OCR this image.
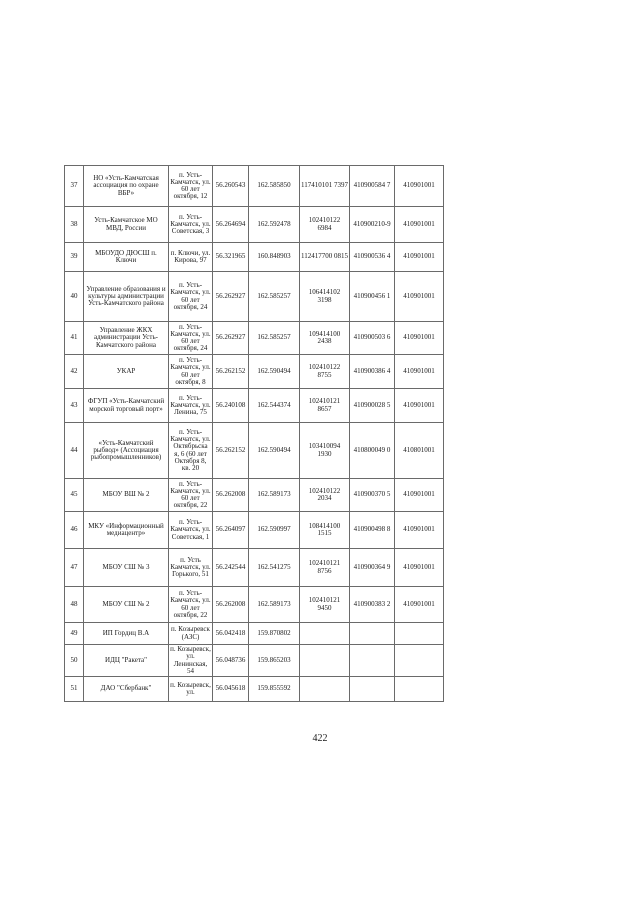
37	НО «Усть-Камчатская ассоциация по охране ВБР»	п. Усть-Камчатск, ул. 60 лет октября, 12	56.260543	162.585850	117410101 7397	410900584 7	410901001
38	Усть-Камчатское МО МВД, России	п. Усть-Камчатск, ул. Советская, 3	56.264694	162.592478	102410122 6984	410900210-9	410901001
39	МБОУДО ДЮСШ п. Ключи	п. Ключи, ул. Кирова, 97	56.321965	160.848903	112417700 0815	410900536 4	410901001
40	Управление образования и культуры администрации Усть-Камчатского района	п. Усть-Камчатск, ул. 60 лет октября, 24	56.262927	162.585257	106414102 3198	410900456 1	410901001
41	Управление ЖКХ администрации Усть-Камчатского района	п. Усть-Камчатск, ул. 60 лет октября, 24	56.262927	162.585257	109414100 2438	410900503 6	410901001
42	УКАР	п. Усть-Камчатск, ул. 60 лет октября, 8	56.262152	162.590494	102410122 8755	410900386 4	410901001
43	ФГУП «Усть-Камчатский морской торговый порт»	п. Усть-Камчатск, ул. Ленина, 75	56.240108	162.544374	102410121 8657	410900028 5	410901001
44	«Усть-Камчатский рыбвод» (Ассоциация рыбопромышленников)	п. Усть-Камчатск, ул. Октябрьска я, 6 (60 лет Октября 8, кв. 20	56.262152	162.590494	103410094 1930	410800049 0	410801001
45	МБОУ ВШ № 2	п. Усть-Камчатск, ул. 60 лет октября, 22	56.262008	162.589173	102410122 2034	410900370 5	410901001
46	МКУ «Информационный медиацентр»	п. Усть-Камчатск, ул. Советская, 1	56.264097	162.590997	108414100 1515	410900498 8	410901001
47	МБОУ СШ № 3	п. Усть Камчатск, ул. Горького, 51	56.242544	162.541275	102410121 8756	410900364 9	410901001
48	МБОУ СШ № 2	п. Усть-Камчатск, ул. 60 лет октября, 22	56.262008	162.589173	102410121 9450	410900383 2	410901001
49	ИП Гордиц В.А	п. Козыревск (АЗС)	56.042418	159.870802			
50	ИДЦ "Ракета"	п. Козыревск, ул. Ленинская, 54	56.048736	159.865203			
51	ДАО "Сбербанк"	п. Козыревск, ул.	56.045618	159.855592			
422
